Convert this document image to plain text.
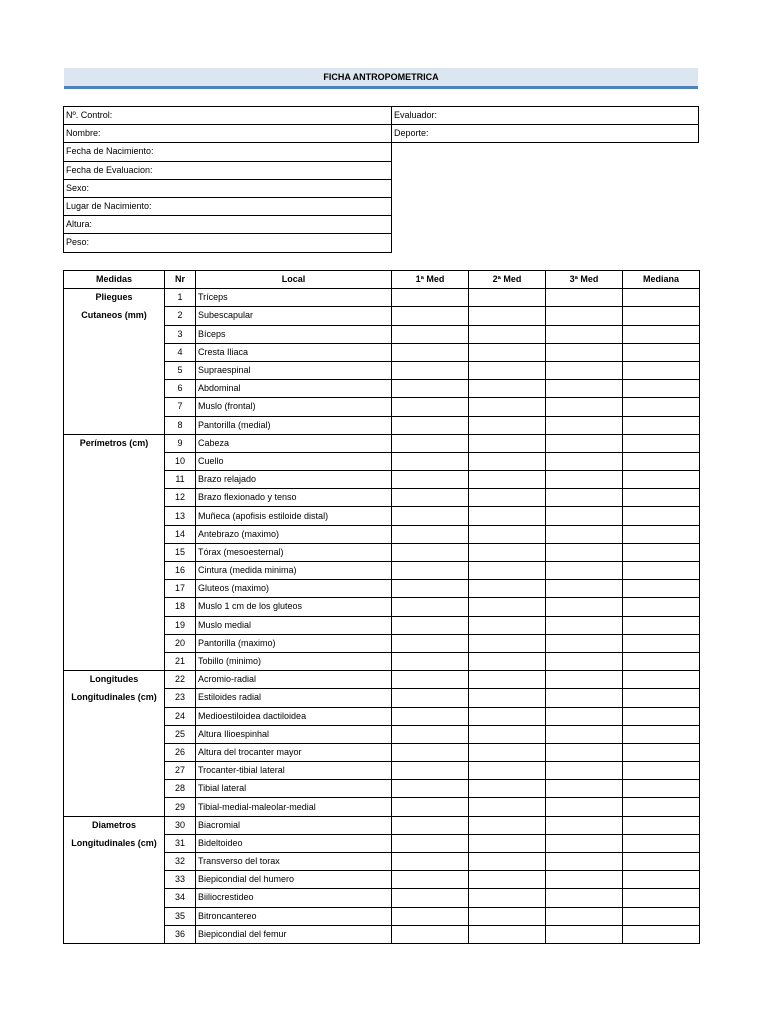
FICHA ANTROPOMETRICA
Nº. Control:
Nombre:
Fecha de Nacimiento:
Fecha de Evaluacion:
Sexo:
Lugar de Nacimiento:
Altura:
Peso:
Evaluador:
Deporte:
Medidas	Nr	Local	1ª Med	2ª Med	3ª Med	Mediana

Pliegues
Cutaneos (mm)	1	Tríceps				
	2	Subescapular				
	3	Bíceps				
	4	Cresta Iliaca				
	5	Supraespinal				
	6	Abdominal				
	7	Muslo (frontal)				
	8	Pantorilla (medial)				

Perímetros (cm)	9	Cabeza				
	10	Cuello				
	11	Brazo relajado				
	12	Brazo flexionado y tenso				
	13	Muñeca (apofisis estiloide distal)				
	14	Antebrazo (maximo)				
	15	Tórax (mesoesternal)				
	16	Cintura (medida minima)				
	17	Gluteos (maximo)				
	18	Muslo 1 cm de los gluteos				
	19	Muslo medial				
	20	Pantorilla (maximo)				
	21	Tobillo (minimo)				

Longitudes
Longitudinales (cm)	22	Acromio-radial				
	23	Estiloides radial				
	24	Medioestiloidea dactiloidea				
	25	Altura Ilioespinhal				
	26	Altura del trocanter mayor				
	27	Trocanter-tibial lateral				
	28	Tibial lateral				
	29	Tibial-medial-maleolar-medial				

Diametros
Longitudinales (cm)	30	Biacromial				
	31	Bideltoideo				
	32	Transverso del torax				
	33	Biepicondial del humero				
	34	Biiliocrestideo				
	35	Bitroncantereo				
	36	Biepicondial del femur				
